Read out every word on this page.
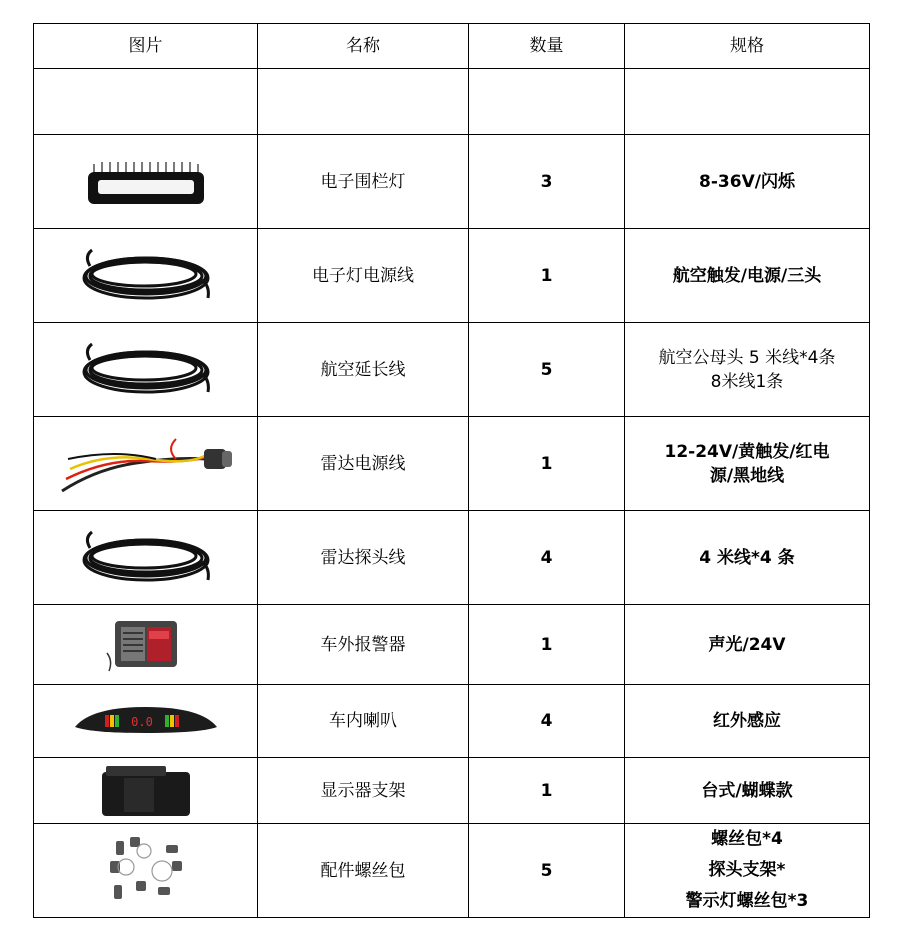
图片	名称	数量	规格

	电子围栏灯	3	8-36V/闪烁

	电子灯电源线	1	航空触发/电源/三头

	航空延长线	5	航空公母头 5 米线*4条
8米线1条

	雷达电源线	1	12-24V/黄触发/红电
源/黑地线

	雷达探头线	4	4 米线*4 条

	车外报警器	1	声光/24V

0.0	车内喇叭	4	红外感应

	显示器支架	1	台式/蝴蝶款

	配件螺丝包	5	螺丝包*4
探头支架*
警示灯螺丝包*3
